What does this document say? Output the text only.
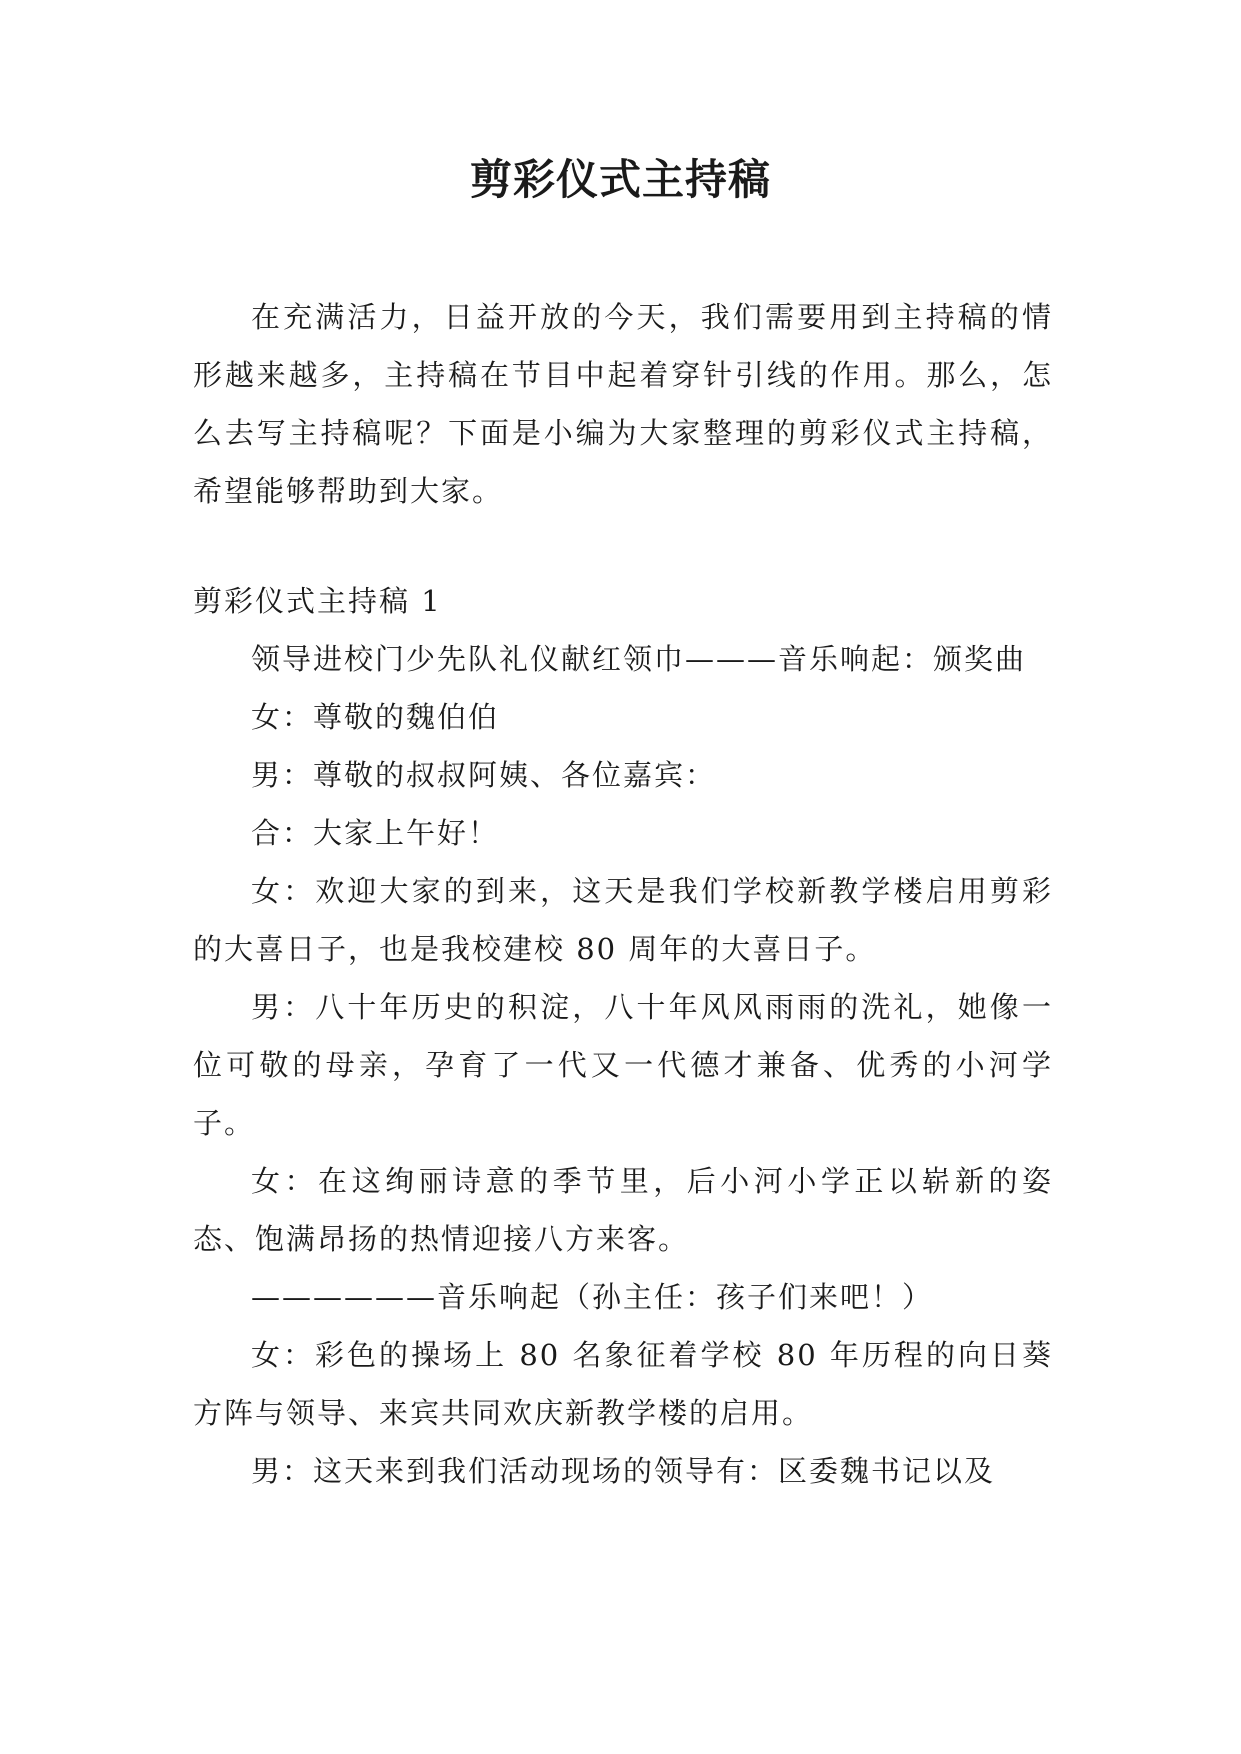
剪彩仪式主持稿

在充满活力，日益开放的今天，我们需要用到主持稿的情形越来越多，主持稿在节目中起着穿针引线的作用。那么，怎么去写主持稿呢？下面是小编为大家整理的剪彩仪式主持稿，希望能够帮助到大家。

剪彩仪式主持稿 1

领导进校门少先队礼仪献红领巾———音乐响起：颁奖曲

女：尊敬的魏伯伯

男：尊敬的叔叔阿姨、各位嘉宾：

合：大家上午好！

女：欢迎大家的到来，这天是我们学校新教学楼启用剪彩的大喜日子，也是我校建校 80 周年的大喜日子。

男：八十年历史的积淀，八十年风风雨雨的洗礼，她像一位可敬的母亲，孕育了一代又一代德才兼备、优秀的小河学子。

女：在这绚丽诗意的季节里，后小河小学正以崭新的姿态、饱满昂扬的热情迎接八方来客。

——————音乐响起（孙主任：孩子们来吧！）

女：彩色的操场上 80 名象征着学校 80 年历程的向日葵方阵与领导、来宾共同欢庆新教学楼的启用。

男：这天来到我们活动现场的领导有：区委魏书记以及
